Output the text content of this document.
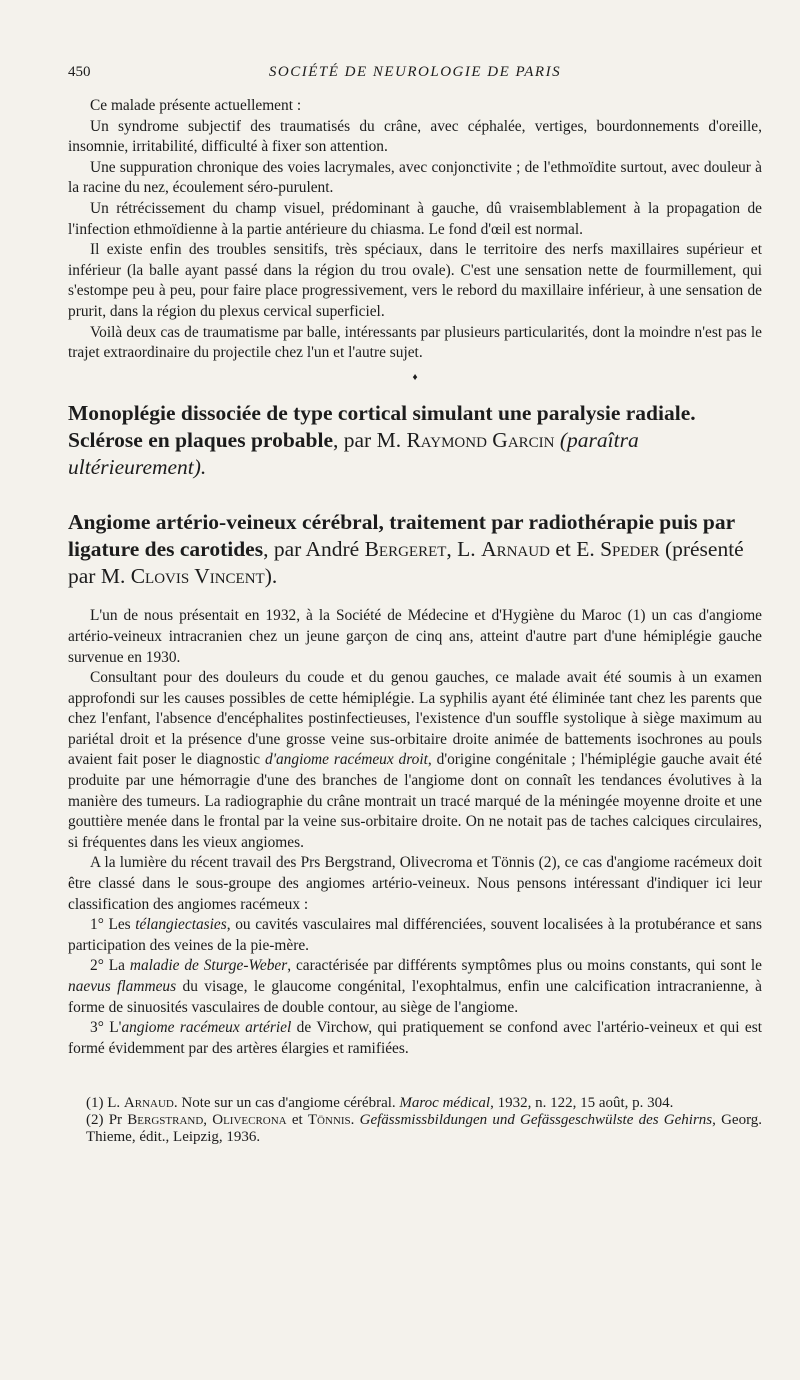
450	SOCIÉTÉ DE NEUROLOGIE DE PARIS

Ce malade présente actuellement :

Un syndrome subjectif des traumatisés du crâne, avec céphalée, vertiges, bourdonnements d'oreille, insomnie, irritabilité, difficulté à fixer son attention.

Une suppuration chronique des voies lacrymales, avec conjonctivite ; de l'ethmoïdite surtout, avec douleur à la racine du nez, écoulement séro-purulent.

Un rétrécissement du champ visuel, prédominant à gauche, dû vraisemblablement à la propagation de l'infection ethmoïdienne à la partie antérieure du chiasma. Le fond d'œil est normal.

Il existe enfin des troubles sensitifs, très spéciaux, dans le territoire des nerfs maxillaires supérieur et inférieur (la balle ayant passé dans la région du trou ovale). C'est une sensation nette de fourmillement, qui s'estompe peu à peu, pour faire place progressivement, vers le rebord du maxillaire inférieur, à une sensation de prurit, dans la région du plexus cervical superficiel.

Voilà deux cas de traumatisme par balle, intéressants par plusieurs particularités, dont la moindre n'est pas le trajet extraordinaire du projectile chez l'un et l'autre sujet.

♦
Monoplégie dissociée de type cortical simulant une paralysie radiale. Sclérose en plaques probable, par M. Raymond Garcin (paraîtra ultérieurement).
Angiome artério-veineux cérébral, traitement par radiothérapie puis par ligature des carotides, par André Bergeret, L. Arnaud et E. Speder (présenté par M. Clovis Vincent).

L'un de nous présentait en 1932, à la Société de Médecine et d'Hygiène du Maroc (1) un cas d'angiome artério-veineux intracranien chez un jeune garçon de cinq ans, atteint d'autre part d'une hémiplégie gauche survenue en 1930.

Consultant pour des douleurs du coude et du genou gauches, ce malade avait été soumis à un examen approfondi sur les causes possibles de cette hémiplégie. La syphilis ayant été éliminée tant chez les parents que chez l'enfant, l'absence d'encéphalites postinfectieuses, l'existence d'un souffle systolique à siège maximum au pariétal droit et la présence d'une grosse veine sus-orbitaire droite animée de battements isochrones au pouls avaient fait poser le diagnostic d'angiome racémeux droit, d'origine congénitale ; l'hémiplégie gauche avait été produite par une hémorragie d'une des branches de l'angiome dont on connaît les tendances évolutives à la manière des tumeurs. La radiographie du crâne montrait un tracé marqué de la méningée moyenne droite et une gouttière menée dans le frontal par la veine sus-orbitaire droite. On ne notait pas de taches calciques circulaires, si fréquentes dans les vieux angiomes.

A la lumière du récent travail des Prs Bergstrand, Olivecroma et Tönnis (2), ce cas d'angiome racémeux doit être classé dans le sous-groupe des angiomes artério-veineux. Nous pensons intéressant d'indiquer ici leur classification des angiomes racémeux :

1° Les télangiectasies, ou cavités vasculaires mal différenciées, souvent localisées à la protubérance et sans participation des veines de la pie-mère.

2° La maladie de Sturge-Weber, caractérisée par différents symptômes plus ou moins constants, qui sont le naevus flammeus du visage, le glaucome congénital, l'exophtalmus, enfin une calcification intracranienne, à forme de sinuosités vasculaires de double contour, au siège de l'angiome.

3° L'angiome racémeux artériel de Virchow, qui pratiquement se confond avec l'artério-veineux et qui est formé évidemment par des artères élargies et ramifiées.

(1) L. Arnaud. Note sur un cas d'angiome cérébral. Maroc médical, 1932, n. 122, 15 août, p. 304.

(2) Pr Bergstrand, Olivecrona et Tönnis. Gefässmissbildungen und Gefässgeschwülste des Gehirns, Georg. Thieme, édit., Leipzig, 1936.
